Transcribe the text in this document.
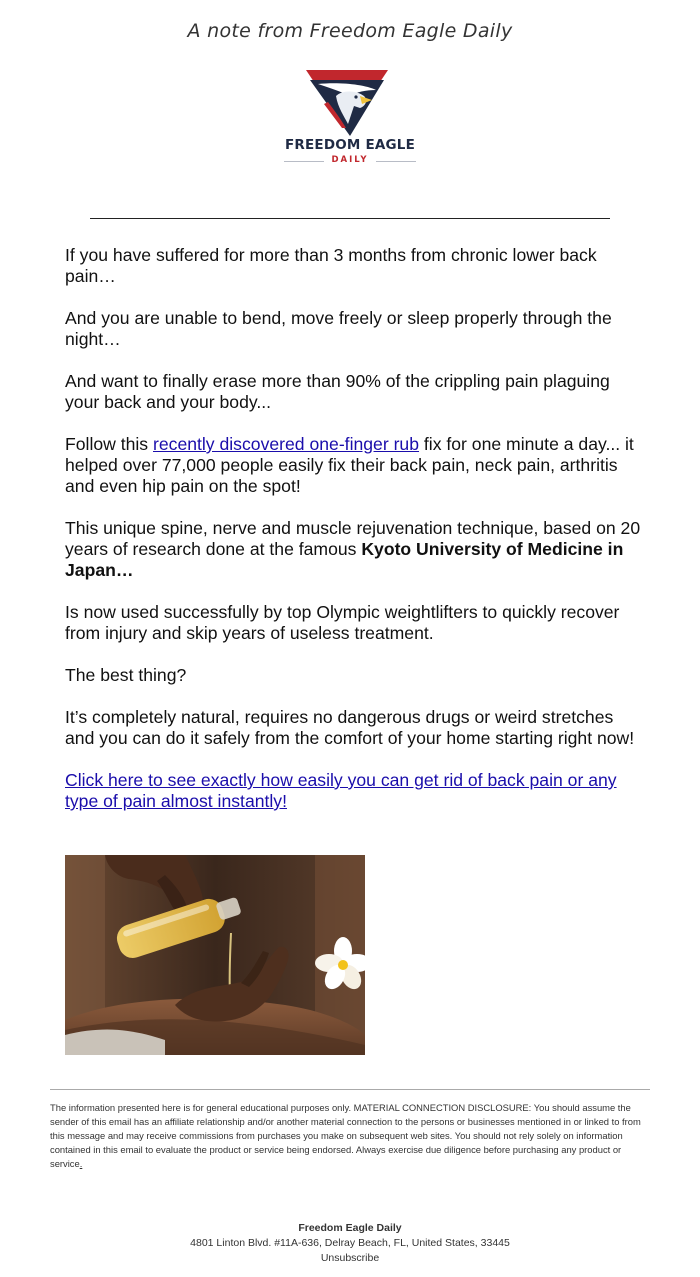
A note from Freedom Eagle Daily
FREEDOM EAGLE
DAILY

If you have suffered for more than 3 months from chronic lower back pain…

And you are unable to bend, move freely or sleep properly through the night…

And want to finally erase more than 90% of the crippling pain plaguing your back and your body...

Follow this recently discovered one-finger rub fix for one minute a day... it helped over 77,000 people easily fix their back pain, neck pain, arthritis and even hip pain on the spot!

This unique spine, nerve and muscle rejuvenation technique, based on 20 years of research done at the famous Kyoto University of Medicine in Japan…

Is now used successfully by top Olympic weightlifters to quickly recover from injury and skip years of useless treatment.

The best thing?

It’s completely natural, requires no dangerous drugs or weird stretches and you can do it safely from the comfort of your home starting right now!

Click here to see exactly how easily you can get rid of back pain or any type of pain almost instantly!

The information presented here is for general educational purposes only. MATERIAL CONNECTION DISCLOSURE: You should assume the sender of this email has an affiliate relationship and/or another material connection to the persons or businesses mentioned in or linked to from this message and may receive commissions from purchases you make on subsequent web sites. You should not rely solely on information contained in this email to evaluate the product or service being endorsed. Always exercise due diligence before purchasing any product or service.
Freedom Eagle Daily
4801 Linton Blvd. #11A-636, Delray Beach, FL, United States, 33445
Unsubscribe
